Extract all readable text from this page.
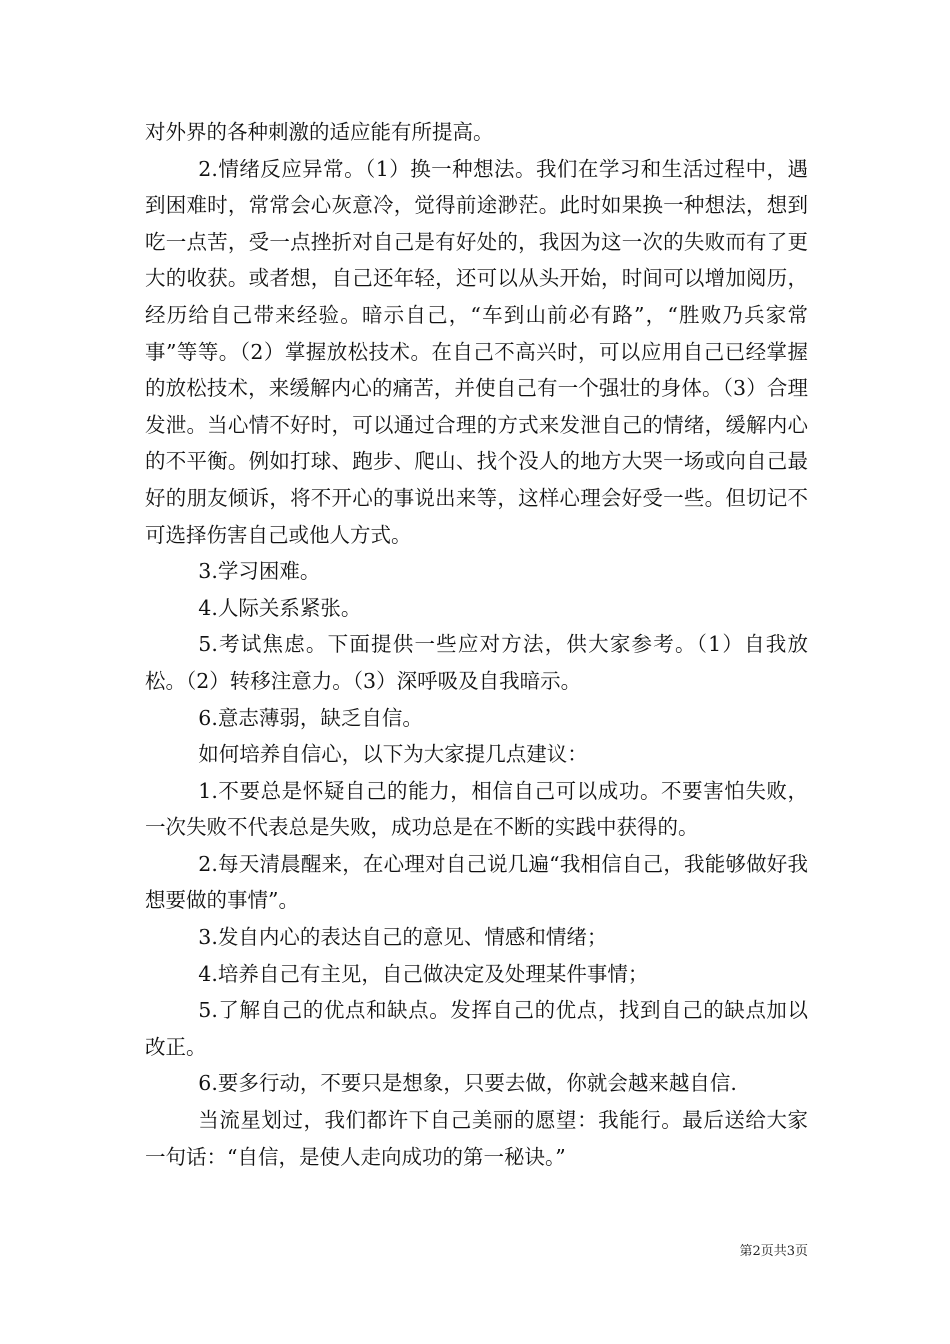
对外界的各种刺激的适应能有所提高。

2.情绪反应异常。（1）换一种想法。我们在学习和生活过程中，遇到困难时，常常会心灰意冷，觉得前途渺茫。此时如果换一种想法，想到吃一点苦，受一点挫折对自己是有好处的，我因为这一次的失败而有了更大的收获。或者想，自己还年轻，还可以从头开始，时间可以增加阅历，经历给自己带来经验。暗示自己，“车到山前必有路”，“胜败乃兵家常事”等等。（2）掌握放松技术。在自己不高兴时，可以应用自己已经掌握的放松技术，来缓解内心的痛苦，并使自己有一个强壮的身体。（3）合理发泄。当心情不好时，可以通过合理的方式来发泄自己的情绪，缓解内心的不平衡。例如打球、跑步、爬山、找个没人的地方大哭一场或向自己最好的朋友倾诉，将不开心的事说出来等，这样心理会好受一些。但切记不可选择伤害自己或他人方式。

3.学习困难。

4.人际关系紧张。

5.考试焦虑。下面提供一些应对方法，供大家参考。（1）自我放松。（2）转移注意力。（3）深呼吸及自我暗示。

6.意志薄弱，缺乏自信。

如何培养自信心，以下为大家提几点建议：

1.不要总是怀疑自己的能力，相信自己可以成功。不要害怕失败，一次失败不代表总是失败，成功总是在不断的实践中获得的。

2.每天清晨醒来，在心理对自己说几遍“我相信自己，我能够做好我想要做的事情”。

3.发自内心的表达自己的意见、情感和情绪；

4.培养自己有主见，自己做决定及处理某件事情；

5.了解自己的优点和缺点。发挥自己的优点，找到自己的缺点加以改正。

6.要多行动，不要只是想象，只要去做，你就会越来越自信.

当流星划过，我们都许下自己美丽的愿望：我能行。最后送给大家一句话：“自信，是使人走向成功的第一秘诀。”

第2页共3页
